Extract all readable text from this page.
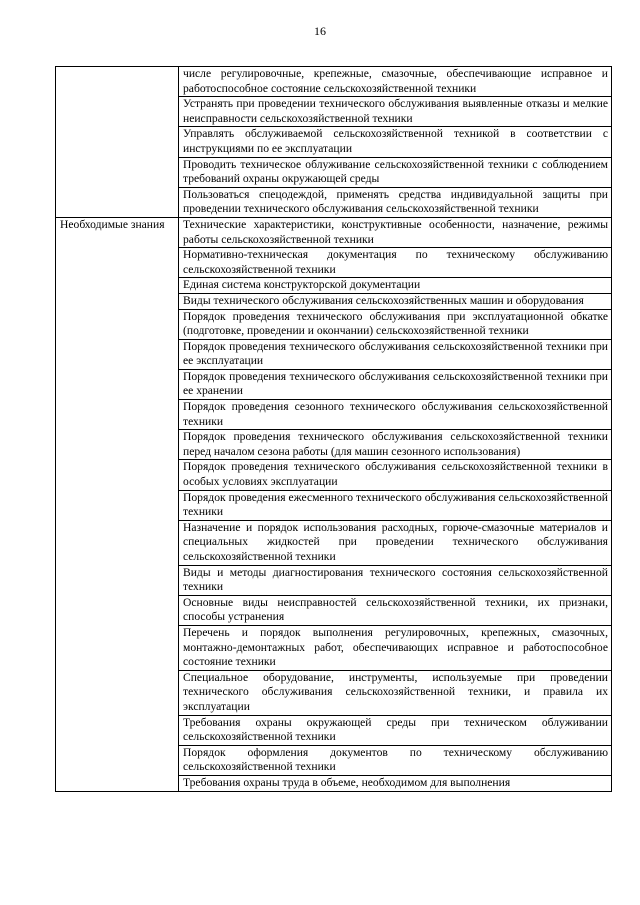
16
	числе регулировочные, крепежные, смазочные, обеспечивающие исправное и работоспособное состояние сельскохозяйственной техники
	Устранять при проведении технического обслуживания выявленные отказы и мелкие неисправности сельскохозяйственной техники
	Управлять обслуживаемой сельскохозяйственной техникой в соответствии с инструкциями по ее эксплуатации
	Проводить техническое облуживание сельскохозяйственной техники с соблюдением требований охраны окружающей среды
	Пользоваться спецодеждой, применять средства индивидуальной защиты при проведении технического обслуживания сельскохозяйственной техники
Необходимые знания	Технические характеристики, конструктивные особенности, назначение, режимы работы сельскохозяйственной техники
	Нормативно-техническая документация по техническому обслуживанию сельскохозяйственной техники
	Единая система конструкторской документации
	Виды технического обслуживания сельскохозяйственных машин и оборудования
	Порядок проведения технического обслуживания при эксплуатационной обкатке (подготовке, проведении и окончании) сельскохозяйственной техники
	Порядок проведения технического обслуживания сельскохозяйственной техники при ее эксплуатации
	Порядок проведения технического обслуживания сельскохозяйственной техники при ее хранении
	Порядок проведения сезонного технического обслуживания сельскохозяйственной техники
	Порядок проведения технического обслуживания сельскохозяйственной техники перед началом сезона работы (для машин сезонного использования)
	Порядок проведения технического обслуживания сельскохозяйственной техники в особых условиях эксплуатации
	Порядок проведения ежесменного технического обслуживания сельскохозяйственной техники
	Назначение и порядок использования расходных, горюче-смазочные материалов и специальных жидкостей при проведении технического обслуживания сельскохозяйственной техники
	Виды и методы диагностирования технического состояния сельскохозяйственной техники
	Основные виды неисправностей сельскохозяйственной техники, их признаки, способы устранения
	Перечень и порядок выполнения регулировочных, крепежных, смазочных, монтажно-демонтажных работ, обеспечивающих исправное и работоспособное состояние техники
	Специальное оборудование, инструменты, используемые при проведении технического обслуживания сельскохозяйственной техники, и правила их эксплуатации
	Требования охраны окружающей среды при техническом облуживании сельскохозяйственной техники
	Порядок оформления документов по техническому обслуживанию сельскохозяйственной техники
	Требования охраны труда в объеме, необходимом для выполнения
